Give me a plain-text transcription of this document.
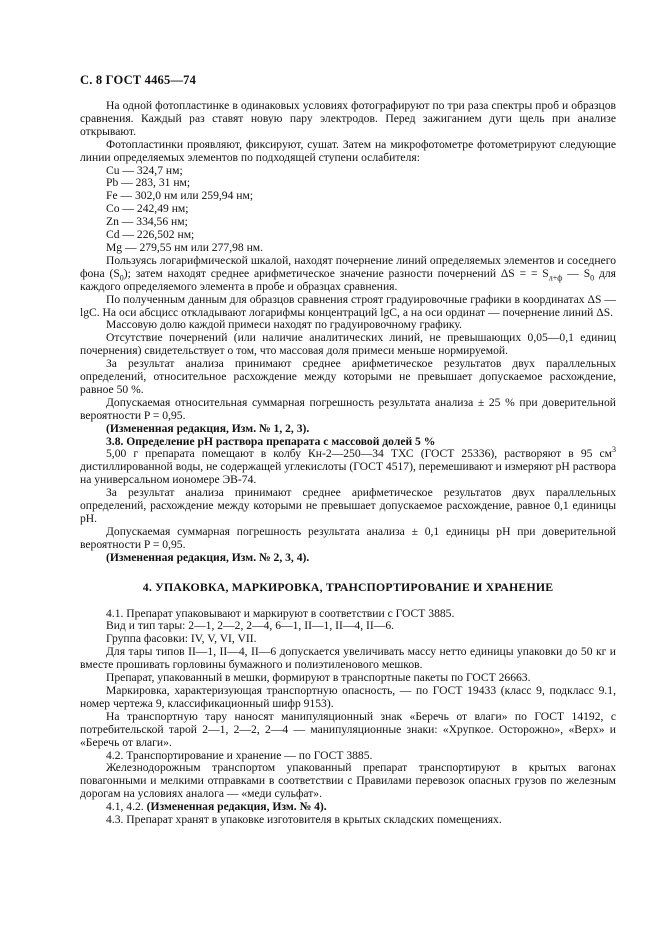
С. 8 ГОСТ 4465—74

На одной фотопластинке в одинаковых условиях фотографируют по три раза спектры проб и образцов сравнения. Каждый раз ставят новую пару электродов. Перед зажиганием дуги щель при анализе открывают.

Фотопластинки проявляют, фиксируют, сушат. Затем на микрофотометре фотометрируют следующие линии определяемых элементов по подходящей ступени ослабителя:

Cu — 324,7 нм;

Pb — 283, 31 нм;

Fe — 302,0 нм или 259,94 нм;

Co — 242,49 нм;

Zn — 334,56 нм;

Cd — 226,502 нм;

Mg — 279,55 нм или 277,98 нм.

Пользуясь логарифмической шкалой, находят почернение линий определяемых элементов и соседнего фона $(S_0)$; затем находят среднее арифметическое значение разности почернений ΔS = = $S_{л+ф}$ — $S_0$ для каждого определяемого элемента в пробе и образцах сравнения.

По полученным данным для образцов сравнения строят градуировочные графики в координатах ΔS — lgC. На оси абсцисс откладывают логарифмы концентраций lgC, а на оси ординат — почернение линий ΔS.

Массовую долю каждой примеси находят по градуировочному графику.

Отсутствие почернений (или наличие аналитических линий, не превышающих 0,05—0,1 единиц почернения) свидетельствует о том, что массовая доля примеси меньше нормируемой.

За результат анализа принимают среднее арифметическое результатов двух параллельных определений, относительное расхождение между которыми не превышает допускаемое расхождение, равное 50 %.

Допускаемая относительная суммарная погрешность результата анализа ± 25 % при доверительной вероятности P = 0,95.

(Измененная редакция, Изм. № 1, 2, 3).

3.8. Определение pH раствора препарата с массовой долей 5 %

5,00 г препарата помещают в колбу Кн-2—250—34 ТХС (ГОСТ 25336), растворяют в 95 $см^3$ дистиллированной воды, не содержащей углекислоты (ГОСТ 4517), перемешивают и измеряют pH раствора на универсальном иономере ЭВ-74.

За результат анализа принимают среднее арифметическое результатов двух параллельных определений, расхождение между которыми не превышает допускаемое расхождение, равное 0,1 единицы pH.

Допускаемая суммарная погрешность результата анализа ± 0,1 единицы pH при доверительной вероятности P = 0,95.

(Измененная редакция, Изм. № 2, 3, 4).

4. УПАКОВКА, МАРКИРОВКА, ТРАНСПОРТИРОВАНИЕ И ХРАНЕНИЕ

4.1. Препарат упаковывают и маркируют в соответствии с ГОСТ 3885.

Вид и тип тары: 2—1, 2—2, 2—4, 6—1, II—1, II—4, II—6.

Группа фасовки: IV, V, VI, VII.

Для тары типов II—1, II—4, II—6 допускается увеличивать массу нетто единицы упаковки до 50 кг и вместе прошивать горловины бумажного и полиэтиленового мешков.

Препарат, упакованный в мешки, формируют в транспортные пакеты по ГОСТ 26663.

Маркировка, характеризующая транспортную опасность, — по ГОСТ 19433 (класс 9, подкласс 9.1, номер чертежа 9, классификационный шифр 9153).

На транспортную тару наносят манипуляционный знак «Беречь от влаги» по ГОСТ 14192, с потребительской тарой 2—1, 2—2, 2—4 — манипуляционные знаки: «Хрупкое. Осторожно», «Верх» и «Беречь от влаги».

4.2. Транспортирование и хранение — по ГОСТ 3885.

Железнодорожным транспортом упакованный препарат транспортируют в крытых вагонах повагонными и мелкими отправками в соответствии с Правилами перевозок опасных грузов по железным дорогам на условиях аналога — «меди сульфат».

4.1, 4.2. (Измененная редакция, Изм. № 4).

4.3. Препарат хранят в упаковке изготовителя в крытых складских помещениях.
